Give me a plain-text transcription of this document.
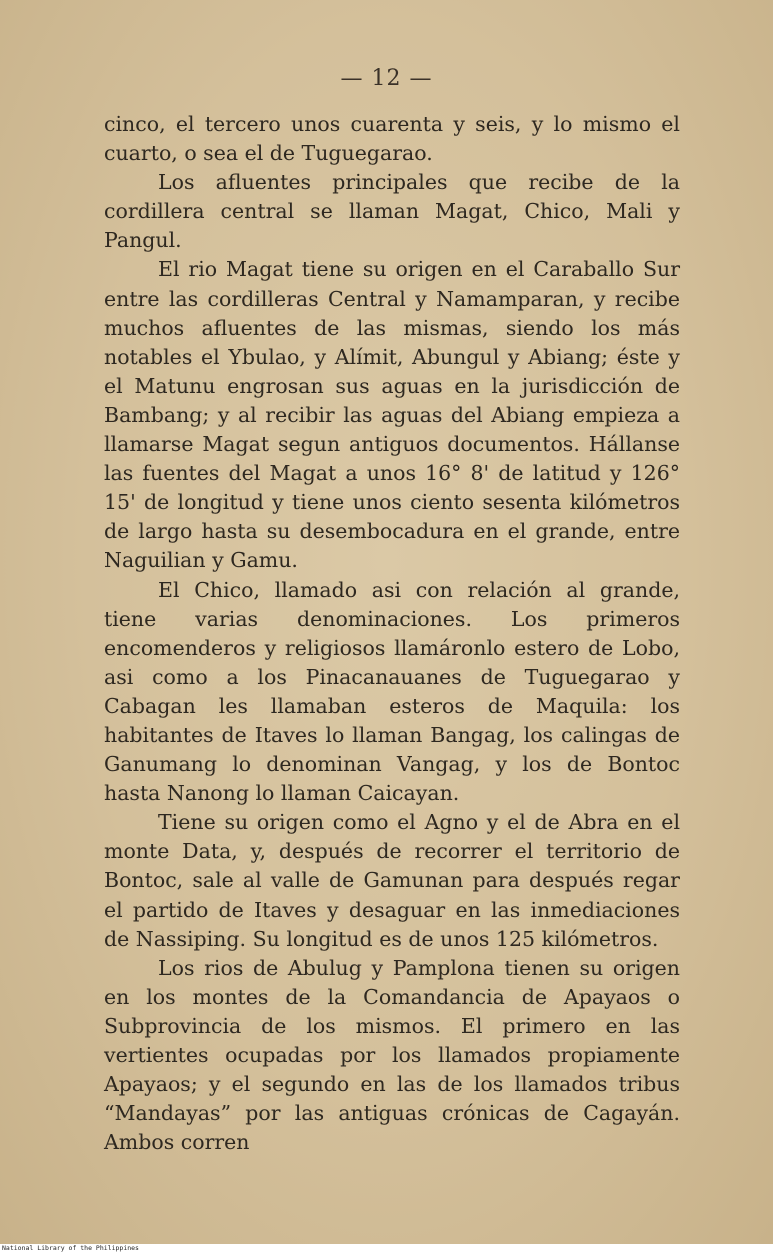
— 12 —

cinco, el tercero unos cuarenta y seis, y lo mismo el cuarto, o sea el de Tuguegarao.

Los afluentes principales que recibe de la cordillera central se llaman Magat, Chico, Mali y Pangul.

El rio Magat tiene su origen en el Caraballo Sur entre las cordilleras Central y Namamparan, y recibe muchos afluentes de las mismas, siendo los más notables el Ybulao, y Alímit, Abungul y Abiang; éste y el Matunu engrosan sus aguas en la jurisdicción de Bambang; y al recibir las aguas del Abiang empieza a llamarse Magat segun antiguos documentos. Hállanse las fuentes del Magat a unos 16° 8' de latitud y 126° 15' de longitud y tiene unos ciento sesenta kilómetros de largo hasta su desembocadura en el grande, entre Naguilian y Gamu.

El Chico, llamado asi con relación al grande, tiene varias denominaciones. Los primeros encomenderos y religiosos llamáronlo estero de Lobo, asi como a los Pinacanauanes de Tuguegarao y Cabagan les llamaban esteros de Maquila: los habitantes de Itaves lo llaman Bangag, los calingas de Ganumang lo denominan Vangag, y los de Bontoc hasta Nanong lo llaman Caicayan.

Tiene su origen como el Agno y el de Abra en el monte Data, y, después de recorrer el territorio de Bontoc, sale al valle de Gamunan para después regar el partido de Itaves y desaguar en las inmediaciones de Nassiping. Su longitud es de unos 125 kilómetros.

Los rios de Abulug y Pamplona tienen su origen en los montes de la Comandancia de Apayaos o Subprovincia de los mismos. El primero en las vertientes ocupadas por los llamados propiamente Apayaos; y el segundo en las de los llamados tribus “Mandayas” por las antiguas crónicas de Cagayán. Ambos corren

National Library of the Philippines
